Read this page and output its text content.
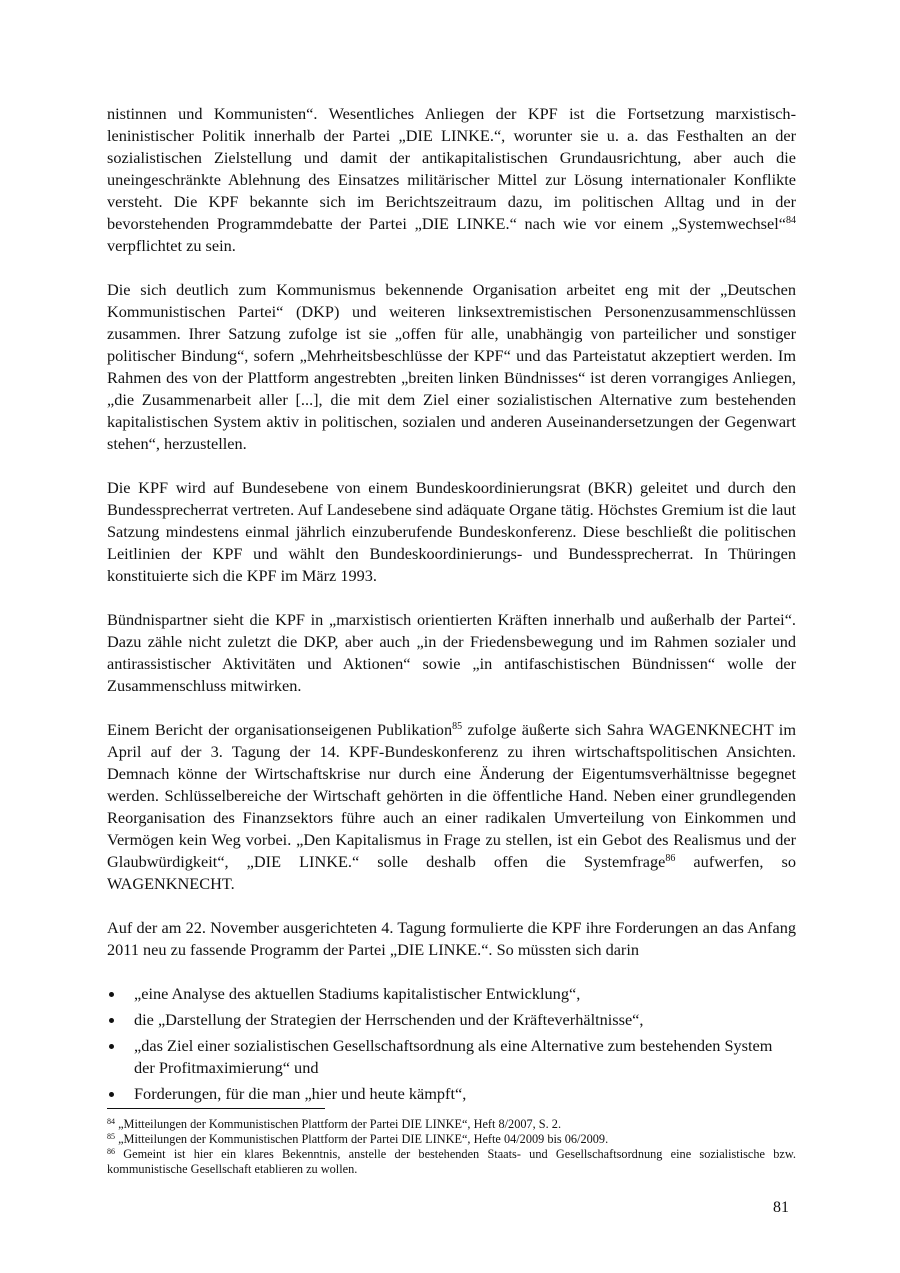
nistinnen und Kommunisten“. Wesentliches Anliegen der KPF ist die Fortsetzung marxistisch-leninistischer Politik innerhalb der Partei „DIE LINKE.“, worunter sie u. a. das Festhalten an der sozialistischen Zielstellung und damit der antikapitalistischen Grundausrichtung, aber auch die uneingeschränkte Ablehnung des Einsatzes militärischer Mittel zur Lösung internationaler Konflikte versteht. Die KPF bekannte sich im Berichtszeitraum dazu, im politischen Alltag und in der bevorstehenden Programmdebatte der Partei „DIE LINKE.“ nach wie vor einem „Systemwechsel“$^{84}$ verpflichtet zu sein.

Die sich deutlich zum Kommunismus bekennende Organisation arbeitet eng mit der „Deutschen Kommunistischen Partei“ (DKP) und weiteren linksextremistischen Personenzusammenschlüssen zusammen. Ihrer Satzung zufolge ist sie „offen für alle, unabhängig von parteilicher und sonstiger politischer Bindung“, sofern „Mehrheitsbeschlüsse der KPF“ und das Parteistatut akzeptiert werden. Im Rahmen des von der Plattform angestrebten „breiten linken Bündnisses“ ist deren vorrangiges Anliegen, „die Zusammenarbeit aller [...], die mit dem Ziel einer sozialistischen Alternative zum bestehenden kapitalistischen System aktiv in politischen, sozialen und anderen Auseinandersetzungen der Gegenwart stehen“, herzustellen.

Die KPF wird auf Bundesebene von einem Bundeskoordinierungsrat (BKR) geleitet und durch den Bundessprecherrat vertreten. Auf Landesebene sind adäquate Organe tätig. Höchstes Gremium ist die laut Satzung mindestens einmal jährlich einzuberufende Bundeskonferenz. Diese beschließt die politischen Leitlinien der KPF und wählt den Bundeskoordinierungs- und Bundessprecherrat. In Thüringen konstituierte sich die KPF im März 1993.

Bündnispartner sieht die KPF in „marxistisch orientierten Kräften innerhalb und außerhalb der Partei“. Dazu zähle nicht zuletzt die DKP, aber auch „in der Friedensbewegung und im Rahmen sozialer und antirassistischer Aktivitäten und Aktionen“ sowie „in antifaschistischen Bündnissen“ wolle der Zusammenschluss mitwirken.

Einem Bericht der organisationseigenen Publikation$^{85}$ zufolge äußerte sich Sahra WAGENKNECHT im April auf der 3. Tagung der 14. KPF-Bundeskonferenz zu ihren wirtschaftspolitischen Ansichten. Demnach könne der Wirtschaftskrise nur durch eine Änderung der Eigentumsverhältnisse begegnet werden. Schlüsselbereiche der Wirtschaft gehörten in die öffentliche Hand. Neben einer grundlegenden Reorganisation des Finanzsektors führe auch an einer radikalen Umverteilung von Einkommen und Vermögen kein Weg vorbei. „Den Kapitalismus in Frage zu stellen, ist ein Gebot des Realismus und der Glaubwürdigkeit“, „DIE LINKE.“ solle deshalb offen die Systemfrage$^{86}$ aufwerfen, so WAGENKNECHT.

Auf der am 22. November ausgerichteten 4. Tagung formulierte die KPF ihre Forderungen an das Anfang 2011 neu zu fassende Programm der Partei „DIE LINKE.“. So müssten sich darin

„eine Analyse des aktuellen Stadiums kapitalistischer Entwicklung“,
die „Darstellung der Strategien der Herrschenden und der Kräfteverhältnisse“,
„das Ziel einer sozialistischen Gesellschaftsordnung als eine Alternative zum bestehenden System der Profitmaximierung“ und
Forderungen, für die man „hier und heute kämpft“,

$^{84}$ „Mitteilungen der Kommunistischen Plattform der Partei DIE LINKE“, Heft 8/2007, S. 2.

$^{85}$ „Mitteilungen der Kommunistischen Plattform der Partei DIE LINKE“, Hefte 04/2009 bis 06/2009.

$^{86}$ Gemeint ist hier ein klares Bekenntnis, anstelle der bestehenden Staats- und Gesellschaftsordnung eine sozialistische bzw. kommunistische Gesellschaft etablieren zu wollen.

81
